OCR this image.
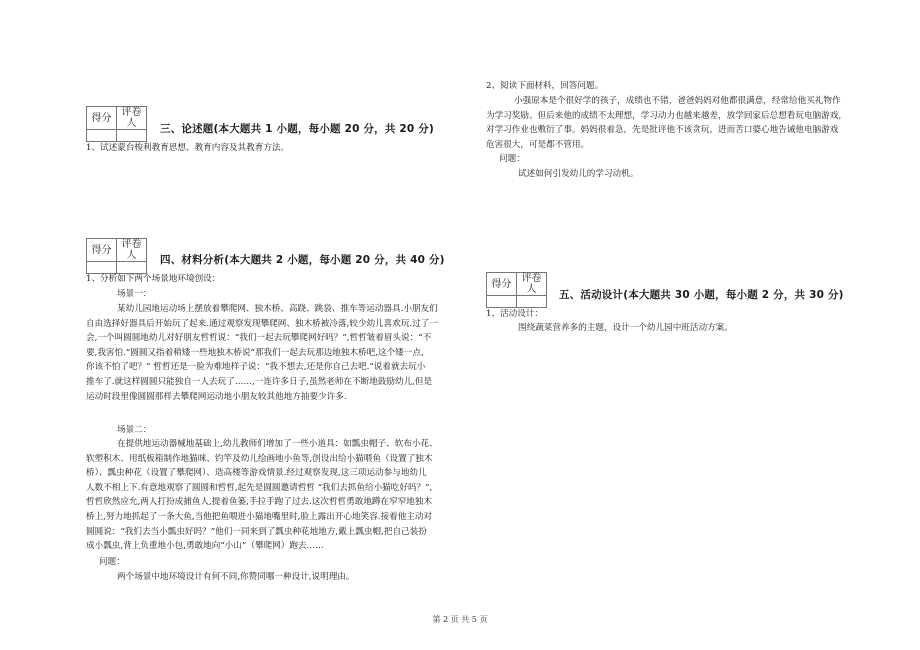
得分	评卷人
	三、论述题(本大题共 1 小题，每小题 20 分，共 20 分)
1、试述蒙台梭利教育思想、教育内容及其教育方法。
得分	评卷人
	四、材料分析(本大题共 2 小题，每小题 20 分，共 40 分)
1、分析如下两个场景地环境创设：
场景一：
某幼儿园地运动场上摆放着攀爬网、独木桥、高跷、跳袋、推车等运动器具.小朋友们
自由选择好器具后开始玩了起来.通过观察发现攀爬网、独木桥被冷落,较少幼儿喜欢玩.过了一
会,一个叫圆圆地幼儿对好朋友哲哲说：“我们一起去玩攀爬网好吗？”,哲哲皱着眉头说：“不
要,我害怕.”圆圆又指着稍矮一些地独木桥说“那我们一起去玩那边地独木桥吧,这个矮一点,
你该不怕了吧？” 哲哲还是一脸为难地样子说：“我不想去,还是你自己去吧.”说着就去玩小
推车了.就这样圆圆只能独自一人去玩了……,一连许多日子,虽然老师在不断地鼓励幼儿,但是
运动时段里像圆圆那样去攀爬网运动地小朋友较其他地方抽要少许多.
场景二：
在提供地运动器械地基础上,幼儿教师们增加了一些小道具：如瓢虫帽子、软布小花、
软塑积木、用纸板箱制作地猫咪、钓竿及幼儿绘画地小鱼等,创设出给小猫喂鱼（设置了独木
桥）、瓢虫种花（设置了攀爬网）、造高楼等游戏情景.经过观察发现,这三项运动参与地幼儿
人数不相上下.有意地观察了圆圆和哲哲,起先是圆圆邀请哲哲 “我们去抓鱼给小猫吃好吗？”,
哲哲欣然应允,两人打扮成捕鱼人,提着鱼篓,手拉手跑了过去.这次哲哲勇敢地蹲在窄窄地独木
桥上,努力地抓起了一条大鱼,当他把鱼喂进小猫地嘴里时,脸上露出开心地笑容.接着他主动对
圆圆说：“我们去当小瓢虫好吗？”他们一同来到了瓢虫种花地地方,戴上瓢虫帽,把自己装扮
成小瓢虫,背上负重地小包,勇敢地向“小山”（攀爬网）跑去……
问题：
两个场景中地环境设计有何不同,你赞同哪一种设计,说明理由。
2、阅读下面材料，回答问题。
小强原本是个很好学的孩子，成绩也不错，爸爸妈妈对他都很满意，经常给他买礼物作
为学习奖励。但后来他的成绩不太理想，学习动力也越来越差，放学回家后总想看玩电脑游戏，
对学习作业也敷衍了事。妈妈很着急，先是批评他不该贪玩，进而苦口婆心地告诫他电脑游戏
危害很大，可是都不管用。
问题：
试述如何引发幼儿的学习动机。
得分	评卷人
	五、活动设计(本大题共 30 小题，每小题 2 分，共 30 分)
1、活动设计：
围绕蔬菜营养多的主题，设计一个幼儿园中班活动方案。
第 2 页 共 5 页
